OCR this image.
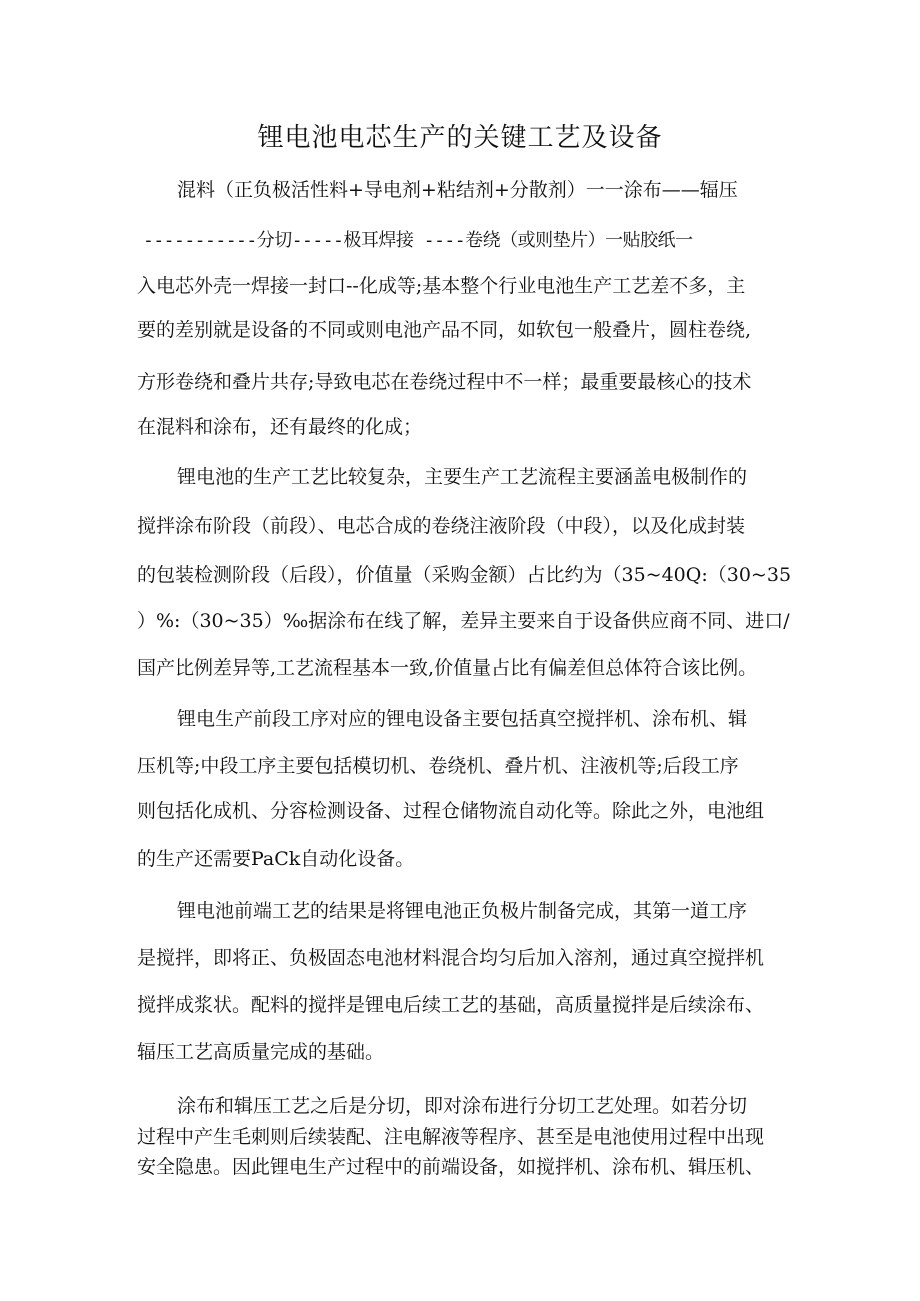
锂电池电芯生产的关键工艺及设备

混料（正负极活性料+导电剂+粘结剂+分散剂）一一涂布——辐压

-----------分切-----极耳焊接 ----卷绕（或则垫片）一贴胶纸一

入电芯外壳一焊接一封口--化成等;基本整个行业电池生产工艺差不多，主

要的差别就是设备的不同或则电池产品不同，如软包一般叠片，圆柱卷绕,

方形卷绕和叠片共存;导致电芯在卷绕过程中不一样；最重要最核心的技术

在混料和涂布，还有最终的化成；

锂电池的生产工艺比较复杂，主要生产工艺流程主要涵盖电极制作的

搅拌涂布阶段（前段）、电芯合成的卷绕注液阶段（中段），以及化成封装

的包装检测阶段（后段），价值量（采购金额）占比约为（35~40Q:（30~35

）%:（30~35）‰据涂布在线了解，差异主要来自于设备供应商不同、进口/

国产比例差异等,工艺流程基本一致,价值量占比有偏差但总体符合该比例。

锂电生产前段工序对应的锂电设备主要包括真空搅拌机、涂布机、辑

压机等;中段工序主要包括模切机、卷绕机、叠片机、注液机等;后段工序

则包括化成机、分容检测设备、过程仓储物流自动化等。除此之外，电池组

的生产还需要PaCk自动化设备。

锂电池前端工艺的结果是将锂电池正负极片制备完成，其第一道工序

是搅拌，即将正、负极固态电池材料混合均匀后加入溶剂，通过真空搅拌机

搅拌成浆状。配料的搅拌是锂电后续工艺的基础，高质量搅拌是后续涂布、

辐压工艺高质量完成的基础。

涂布和辑压工艺之后是分切，即对涂布进行分切工艺处理。如若分切

过程中产生毛刺则后续装配、注电解液等程序、甚至是电池使用过程中出现

安全隐患。因此锂电生产过程中的前端设备，如搅拌机、涂布机、辑压机、
